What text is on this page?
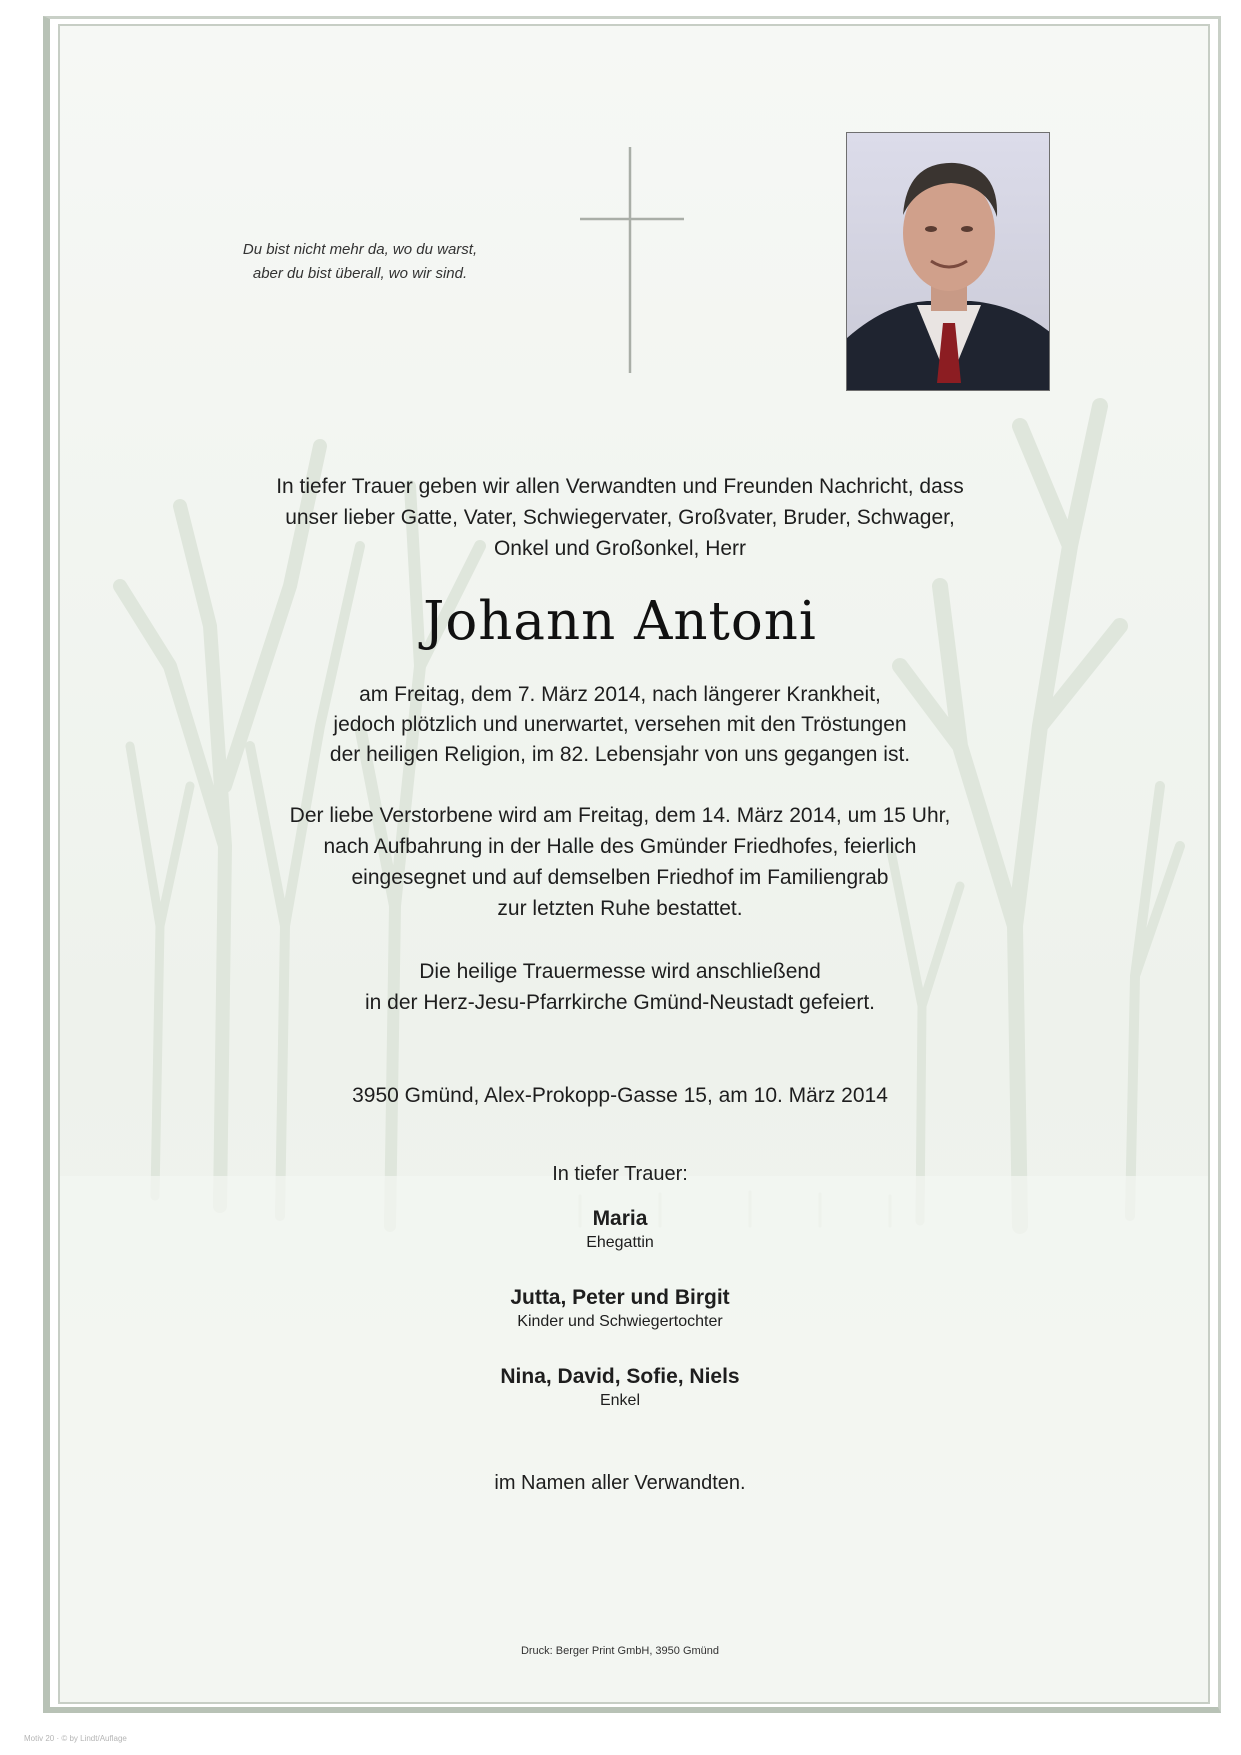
Du bist nicht mehr da, wo du warst,
aber du bist überall, wo wir sind.
In tiefer Trauer geben wir allen Verwandten und Freunden Nachricht, dass
unser lieber Gatte, Vater, Schwiegervater, Großvater, Bruder, Schwager,
Onkel und Großonkel, Herr
Johann Antoni
am Freitag, dem 7. März 2014, nach längerer Krankheit,
jedoch plötzlich und unerwartet, versehen mit den Tröstungen
der heiligen Religion, im 82. Lebensjahr von uns gegangen ist.
Der liebe Verstorbene wird am Freitag, dem 14. März 2014, um 15 Uhr,
nach Aufbahrung in der Halle des Gmünder Friedhofes, feierlich
eingesegnet und auf demselben Friedhof im Familiengrab
zur letzten Ruhe bestattet.
Die heilige Trauermesse wird anschließend
in der Herz-Jesu-Pfarrkirche Gmünd-Neustadt gefeiert.
3950 Gmünd, Alex-Prokopp-Gasse 15, am 10. März 2014
In tiefer Trauer:
Maria
Ehegattin
Jutta, Peter und Birgit
Kinder und Schwiegertochter
Nina, David, Sofie, Niels
Enkel
im Namen aller Verwandten.
Druck: Berger Print GmbH, 3950 Gmünd
Motiv 20 · © by Lindt/Auflage
